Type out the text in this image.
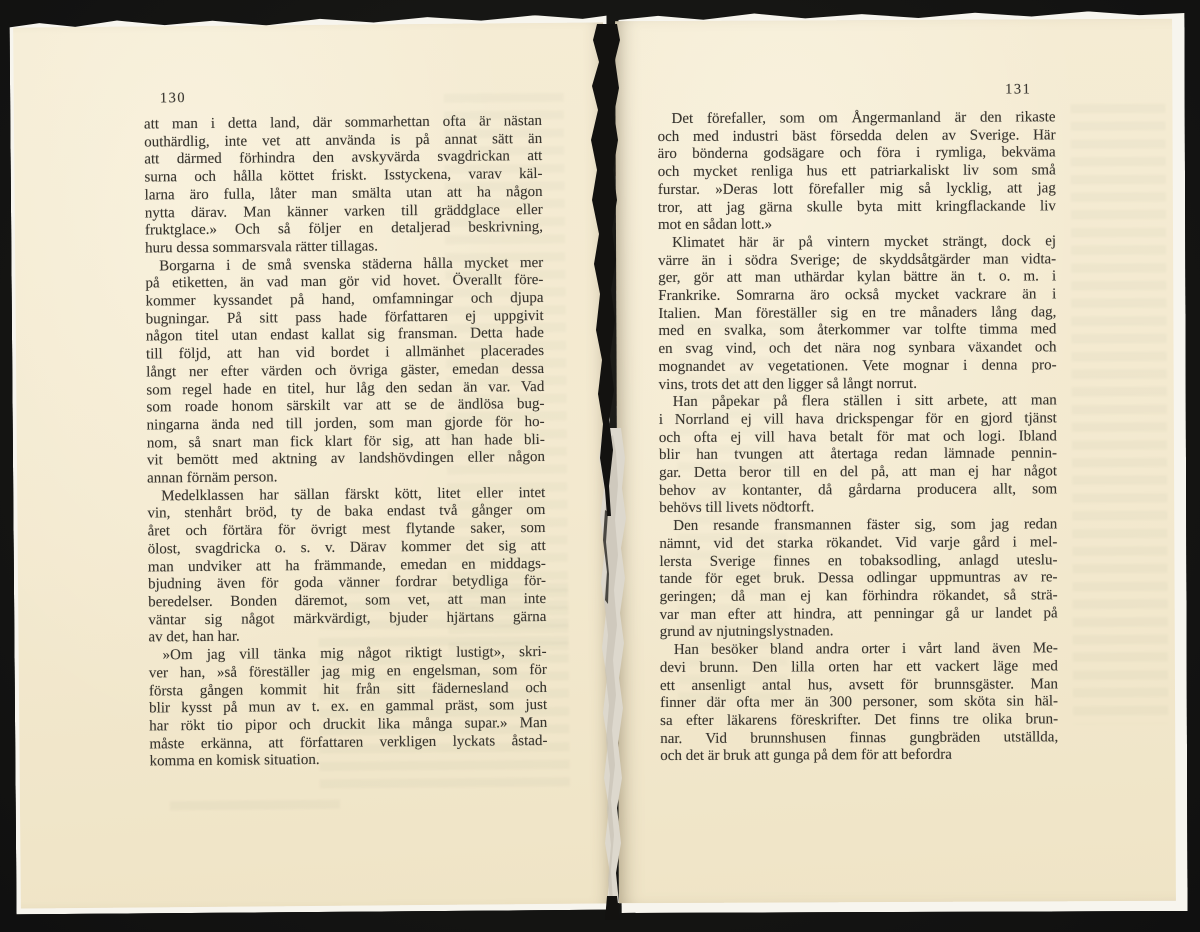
130
att man i detta land, där sommarhettan ofta är nästan
outhärdlig, inte vet att använda is på annat sätt än
att därmed förhindra den avskyvärda svagdrickan att
surna och hålla köttet friskt. Isstyckena, varav käl-
larna äro fulla, låter man smälta utan att ha någon
nytta därav. Man känner varken till gräddglace eller
fruktglace.» Och så följer en detaljerad beskrivning,
huru dessa sommarsvala rätter tillagas.
Borgarna i de små svenska städerna hålla mycket mer
på etiketten, än vad man gör vid hovet. Överallt före-
kommer kyssandet på hand, omfamningar och djupa
bugningar. På sitt pass hade författaren ej uppgivit
någon titel utan endast kallat sig fransman. Detta hade
till följd, att han vid bordet i allmänhet placerades
långt ner efter värden och övriga gäster, emedan dessa
som regel hade en titel, hur låg den sedan än var. Vad
som roade honom särskilt var att se de ändlösa bug-
ningarna ända ned till jorden, som man gjorde för ho-
nom, så snart man fick klart för sig, att han hade bli-
vit bemött med aktning av landshövdingen eller någon
annan förnäm person.
Medelklassen har sällan färskt kött, litet eller intet
vin, stenhårt bröd, ty de baka endast två gånger om
året och förtära för övrigt mest flytande saker, som
ölost, svagdricka o. s. v. Därav kommer det sig att
man undviker att ha främmande, emedan en middags-
bjudning även för goda vänner fordrar betydliga för-
beredelser. Bonden däremot, som vet, att man inte
väntar sig något märkvärdigt, bjuder hjärtans gärna
av det, han har.
»Om jag vill tänka mig något riktigt lustigt», skri-
ver han, »så föreställer jag mig en engelsman, som för
första gången kommit hit från sitt fädernesland och
blir kysst på mun av t. ex. en gammal präst, som just
har rökt tio pipor och druckit lika många supar.» Man
måste erkänna, att författaren verkligen lyckats åstad-
komma en komisk situation.
131
Det förefaller, som om Ångermanland är den rikaste
och med industri bäst försedda delen av Sverige. Här
äro bönderna godsägare och föra i rymliga, bekväma
och mycket renliga hus ett patriarkaliskt liv som små
furstar. »Deras lott förefaller mig så lycklig, att jag
tror, att jag gärna skulle byta mitt kringflackande liv
mot en sådan lott.»
Klimatet här är på vintern mycket strängt, dock ej
värre än i södra Sverige; de skyddsåtgärder man vidta-
ger, gör att man uthärdar kylan bättre än t. o. m. i
Frankrike. Somrarna äro också mycket vackrare än i
Italien. Man föreställer sig en tre månaders lång dag,
med en svalka, som återkommer var tolfte timma med
en svag vind, och det nära nog synbara växandet och
mognandet av vegetationen. Vete mognar i denna pro-
vins, trots det att den ligger så långt norrut.
Han påpekar på flera ställen i sitt arbete, att man
i Norrland ej vill hava drickspengar för en gjord tjänst
och ofta ej vill hava betalt för mat och logi. Ibland
blir han tvungen att återtaga redan lämnade pennin-
gar. Detta beror till en del på, att man ej har något
behov av kontanter, då gårdarna producera allt, som
behövs till livets nödtorft.
Den resande fransmannen fäster sig, som jag redan
nämnt, vid det starka rökandet. Vid varje gård i mel-
lersta Sverige finnes en tobaksodling, anlagd uteslu-
tande för eget bruk. Dessa odlingar uppmuntras av re-
geringen; då man ej kan förhindra rökandet, så strä-
var man efter att hindra, att penningar gå ur landet på
grund av njutningslystnaden.
Han besöker bland andra orter i vårt land även Me-
devi brunn. Den lilla orten har ett vackert läge med
ett ansenligt antal hus, avsett för brunnsgäster. Man
finner där ofta mer än 300 personer, som sköta sin häl-
sa efter läkarens föreskrifter. Det finns tre olika brun-
nar. Vid brunnshusen finnas gungbräden utställda,
och det är bruk att gunga på dem för att befordra
